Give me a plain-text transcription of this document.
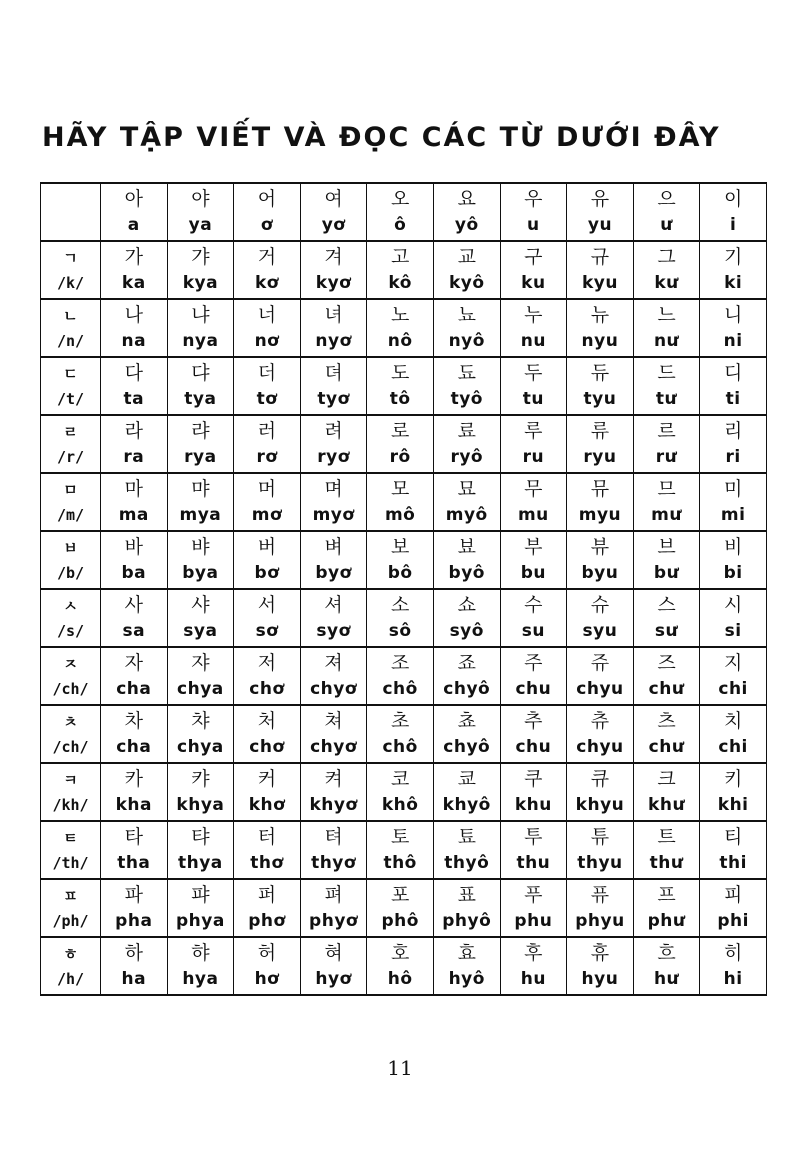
HÃY TẬP VIẾT VÀ ĐỌC CÁC TỪ DƯỚI ĐÂY

	아	야	어	여	오	요	우	유	으	이

	a	ya	ơ	yơ	ô	yô	u	yu	ư	i

ㄱ	가	갸	거	겨	고	교	구	규	그	기

/k/	ka	kya	kơ	kyơ	kô	kyô	ku	kyu	kư	ki

ㄴ	나	냐	너	녀	노	뇨	누	뉴	느	니

/n/	na	nya	nơ	nyơ	nô	nyô	nu	nyu	nư	ni

ㄷ	다	댜	더	뎌	도	됴	두	듀	드	디

/t/	ta	tya	tơ	tyơ	tô	tyô	tu	tyu	tư	ti

ㄹ	라	랴	러	려	로	료	루	류	르	리

/r/	ra	rya	rơ	ryơ	rô	ryô	ru	ryu	rư	ri

ㅁ	마	먀	머	며	모	묘	무	뮤	므	미

/m/	ma	mya	mơ	myơ	mô	myô	mu	myu	mư	mi

ㅂ	바	뱌	버	벼	보	뵤	부	뷰	브	비

/b/	ba	bya	bơ	byơ	bô	byô	bu	byu	bư	bi

ㅅ	사	샤	서	셔	소	쇼	수	슈	스	시

/s/	sa	sya	sơ	syơ	sô	syô	su	syu	sư	si

ㅈ	자	쟈	저	져	조	죠	주	쥬	즈	지

/ch/	cha	chya	chơ	chyơ	chô	chyô	chu	chyu	chư	chi

ㅊ	차	챠	처	쳐	초	쵸	추	츄	츠	치

/ch/	cha	chya	chơ	chyơ	chô	chyô	chu	chyu	chư	chi

ㅋ	카	캬	커	켜	코	쿄	쿠	큐	크	키

/kh/	kha	khya	khơ	khyơ	khô	khyô	khu	khyu	khư	khi

ㅌ	타	탸	터	텨	토	툐	투	튜	트	티

/th/	tha	thya	thơ	thyơ	thô	thyô	thu	thyu	thư	thi

ㅍ	파	퍄	퍼	펴	포	표	푸	퓨	프	피

/ph/	pha	phya	phơ	phyơ	phô	phyô	phu	phyu	phư	phi

ㅎ	하	햐	허	혀	호	효	후	휴	흐	히

/h/	ha	hya	hơ	hyơ	hô	hyô	hu	hyu	hư	hi
11
